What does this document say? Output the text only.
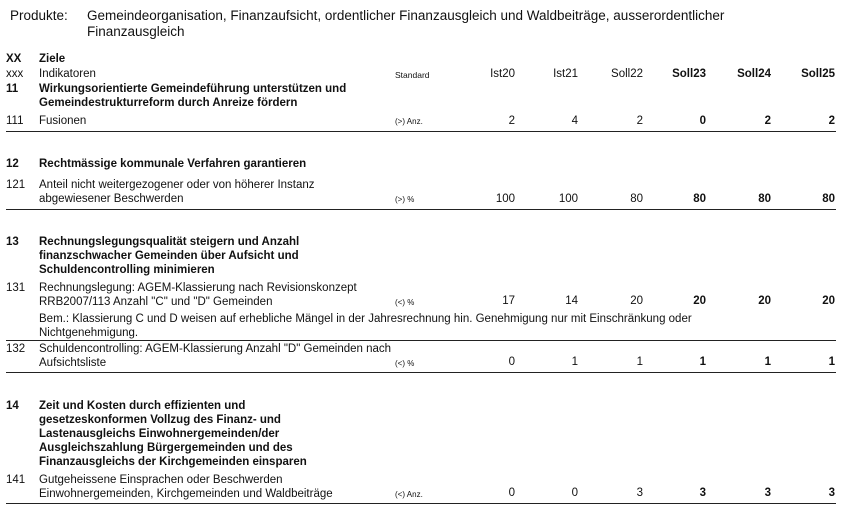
Produkte: Gemeindeorganisation, Finanzaufsicht, ordentlicher Finanzausgleich und Waldbeiträge, ausserordentlicher Finanzausgleich
XX	Ziele
xxx	Indikatoren	Standard	Ist20	Ist21	Soll22	Soll23	Soll24	Soll25
11	Wirkungsorientierte Gemeindeführung unterstützen und Gemeindestrukturreform durch Anreize fördern
111	Fusionen	(>) Anz.	2	4	2	0	2	2
12	Rechtmässige kommunale Verfahren garantieren
121	Anteil nicht weitergezogener oder von höherer Instanz abgewiesener Beschwerden	(>) %	100	100	80	80	80	80
13	Rechnungslegungsqualität steigern und Anzahl finanzschwacher Gemeinden über Aufsicht und Schuldencontrolling minimieren
131	Rechnungslegung: AGEM-Klassierung nach Revisionskonzept RRB2007/113 Anzahl "C" und "D" Gemeinden	(<) %	17	14	20	20	20	20
Bem.: Klassierung C und D weisen auf erhebliche Mängel in der Jahresrechnung hin. Genehmigung nur mit Einschränkung oder Nichtgenehmigung.
132	Schuldencontrolling: AGEM-Klassierung Anzahl "D" Gemeinden nach Aufsichtsliste	(<) %	0	1	1	1	1	1
14	Zeit und Kosten durch effizienten und gesetzeskonformen Vollzug des Finanz- und Lastenausgleichs Einwohnergemeinden/der Ausgleichszahlung Bürgergemeinden und des Finanzausgleichs der Kirchgemeinden einsparen
141	Gutgeheissene Einsprachen oder Beschwerden Einwohnergemeinden, Kirchgemeinden und Waldbeiträge	(<) Anz.	0	0	3	3	3	3
